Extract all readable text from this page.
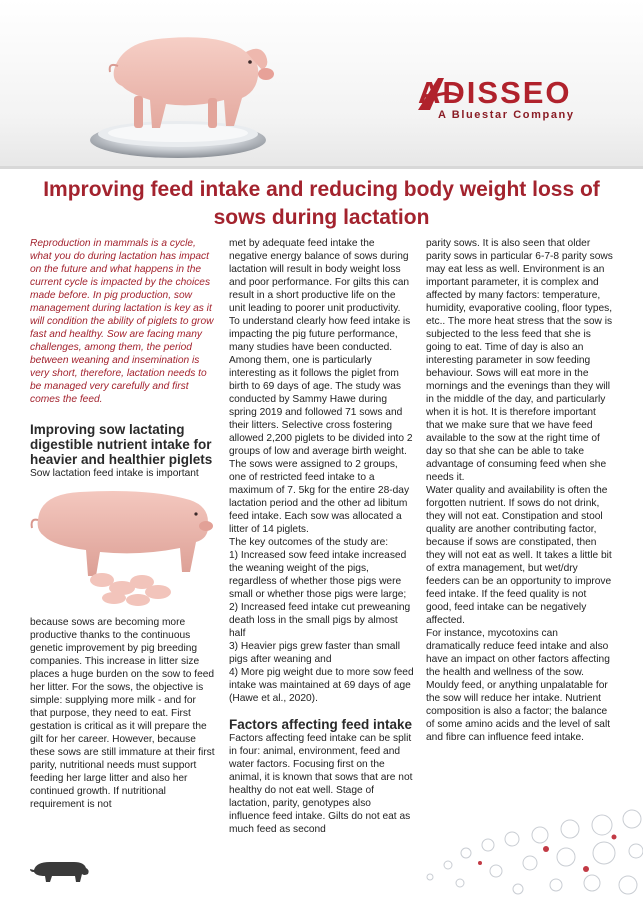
ADISSEO
A Bluestar Company
Improving feed intake and reducing body weight loss of sows during lactation

Reproduction in mammals is a cycle, what you do during lactation has impact on the future and what happens in the current cycle is impacted by the choices made before. In pig production, sow management during lactation is key as it will condition the ability of piglets to grow fast and healthy. Sow are facing many challenges, among them, the period between weaning and insemination is very short, therefore, lactation needs to be managed very carefully and first comes the feed.

Improving sow lactating digestible nutrient intake for heavier and healthier piglets

Sow lactation feed intake is important

because sows are becoming more productive thanks to the continuous genetic improvement by pig breeding companies. This increase in litter size places a huge burden on the sow to feed her litter. For the sows, the objective is simple: supplying more milk - and for that purpose, they need to eat. First gestation is critical as it will prepare the gilt for her career. However, because these sows are still immature at their first parity, nutritional needs must support feeding her large litter and also her continued growth. If nutritional requirement is not

met by adequate feed intake the negative energy balance of sows during lactation will result in body weight loss and poor performance. For gilts this can result in a short productive life on the unit leading to poorer unit productivity.

To understand clearly how feed intake is impacting the pig future performance, many studies have been conducted. Among them, one is particularly interesting as it follows the piglet from birth to 69 days of age. The study was conducted by Sammy Hawe during spring 2019 and followed 71 sows and their litters. Selective cross fostering allowed 2,200 piglets to be divided into 2 groups of low and average birth weight. The sows were assigned to 2 groups, one of restricted feed intake to a maximum of 7. 5kg for the entire 28-day lactation period and the other ad libitum feed intake. Each sow was allocated a litter of 14 piglets.

The key outcomes of the study are:

1) Increased sow feed intake increased the weaning weight of the pigs, regardless of whether those pigs were small or whether those pigs were large;

2) Increased feed intake cut preweaning death loss in the small pigs by almost half

3) Heavier pigs grew faster than small pigs after weaning and

4) More pig weight due to more sow feed intake was maintained at 69 days of age (Hawe et al., 2020).

Factors affecting feed intake

Factors affecting feed intake can be split in four: animal, environment, feed and water factors. Focusing first on the animal, it is known that sows that are not healthy do not eat well. Stage of lactation, parity, genotypes also influence feed intake. Gilts do not eat as much feed as second

parity sows. It is also seen that older parity sows in particular 6-7-8 parity sows may eat less as well. Environment is an important parameter, it is complex and affected by many factors: temperature, humidity, evaporative cooling, floor types, etc.. The more heat stress that the sow is subjected to the less feed that she is going to eat. Time of day is also an interesting parameter in sow feeding behaviour. Sows will eat more in the mornings and the evenings than they will in the middle of the day, and particularly when it is hot. It is therefore important that we make sure that we have feed available to the sow at the right time of day so that she can be able to take advantage of consuming feed when she needs it.

Water quality and availability is often the forgotten nutrient. If sows do not drink, they will not eat. Constipation and stool quality are another contributing factor, because if sows are constipated, then they will not eat as well. It takes a little bit of extra management, but wet/dry feeders can be an opportunity to improve feed intake. If the feed quality is not good, feed intake can be negatively affected.

For instance, mycotoxins can dramatically reduce feed intake and also have an impact on other factors affecting the health and wellness of the sow. Mouldy feed, or anything unpalatable for the sow will reduce her intake. Nutrient composition is also a factor; the balance of some amino acids and the level of salt and fibre can influence feed intake.
